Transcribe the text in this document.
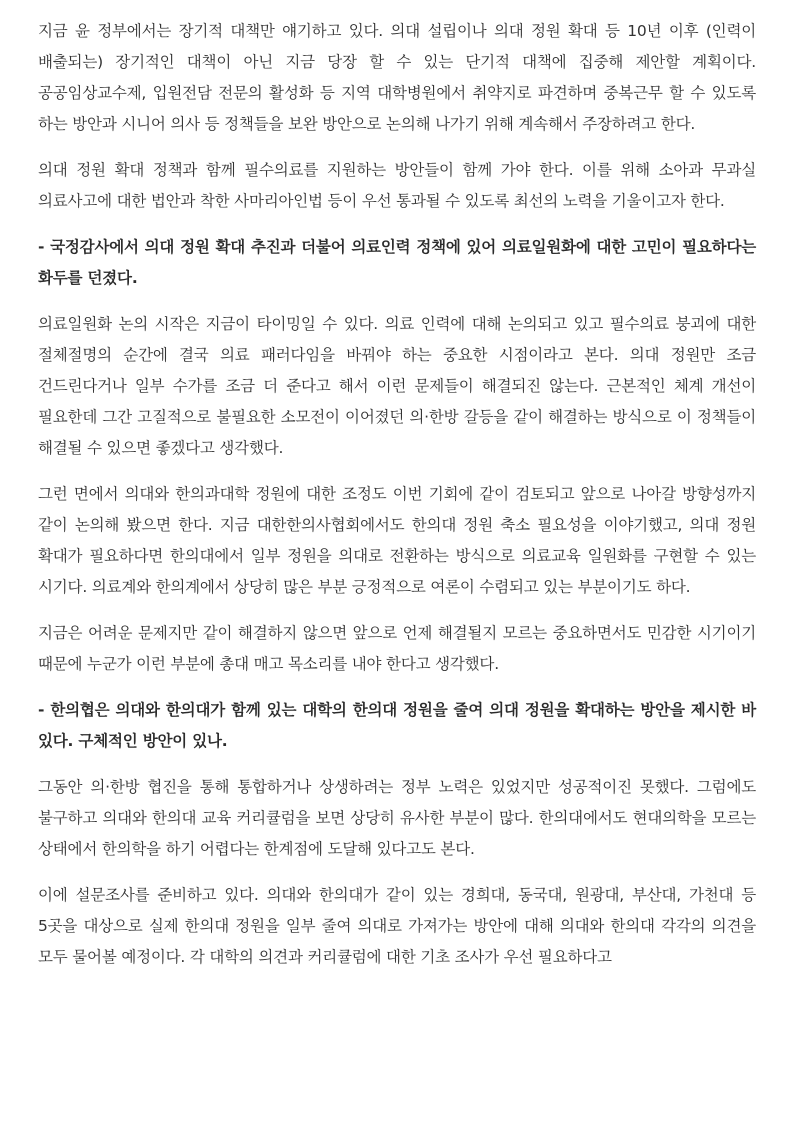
지금 윤 정부에서는 장기적 대책만 얘기하고 있다. 의대 설립이나 의대 정원 확대 등 10년 이후 (인력이 배출되는) 장기적인 대책이 아닌 지금 당장 할 수 있는 단기적 대책에 집중해 제안할 계획이다. 공공임상교수제, 입원전담 전문의 활성화 등 지역 대학병원에서 취약지로 파견하며 중복근무 할 수 있도록 하는 방안과 시니어 의사 등 정책들을 보완 방안으로 논의해 나가기 위해 계속해서 주장하려고 한다.

의대 정원 확대 정책과 함께 필수의료를 지원하는 방안들이 함께 가야 한다. 이를 위해 소아과 무과실 의료사고에 대한 법안과 착한 사마리아인법 등이 우선 통과될 수 있도록 최선의 노력을 기울이고자 한다.

- 국정감사에서 의대 정원 확대 추진과 더불어 의료인력 정책에 있어 의료일원화에 대한 고민이 필요하다는 화두를 던졌다.

의료일원화 논의 시작은 지금이 타이밍일 수 있다. 의료 인력에 대해 논의되고 있고 필수의료 붕괴에 대한 절체절명의 순간에 결국 의료 패러다임을 바꿔야 하는 중요한 시점이라고 본다. 의대 정원만 조금 건드린다거나 일부 수가를 조금 더 준다고 해서 이런 문제들이 해결되진 않는다. 근본적인 체계 개선이 필요한데 그간 고질적으로 불필요한 소모전이 이어졌던 의·한방 갈등을 같이 해결하는 방식으로 이 정책들이 해결될 수 있으면 좋겠다고 생각했다.

그런 면에서 의대와 한의과대학 정원에 대한 조정도 이번 기회에 같이 검토되고 앞으로 나아갈 방향성까지 같이 논의해 봤으면 한다. 지금 대한한의사협회에서도 한의대 정원 축소 필요성을 이야기했고, 의대 정원 확대가 필요하다면 한의대에서 일부 정원을 의대로 전환하는 방식으로 의료교육 일원화를 구현할 수 있는 시기다. 의료계와 한의계에서 상당히 많은 부분 긍정적으로 여론이 수렴되고 있는 부분이기도 하다.

지금은 어려운 문제지만 같이 해결하지 않으면 앞으로 언제 해결될지 모르는 중요하면서도 민감한 시기이기 때문에 누군가 이런 부분에 총대 매고 목소리를 내야 한다고 생각했다.

- 한의협은 의대와 한의대가 함께 있는 대학의 한의대 정원을 줄여 의대 정원을 확대하는 방안을 제시한 바 있다. 구체적인 방안이 있나.

그동안 의·한방 협진을 통해 통합하거나 상생하려는 정부 노력은 있었지만 성공적이진 못했다. 그럼에도 불구하고 의대와 한의대 교육 커리큘럼을 보면 상당히 유사한 부분이 많다. 한의대에서도 현대의학을 모르는 상태에서 한의학을 하기 어렵다는 한계점에 도달해 있다고도 본다.

이에 설문조사를 준비하고 있다. 의대와 한의대가 같이 있는 경희대, 동국대, 원광대, 부산대, 가천대 등 5곳을 대상으로 실제 한의대 정원을 일부 줄여 의대로 가져가는 방안에 대해 의대와 한의대 각각의 의견을 모두 물어볼 예정이다. 각 대학의 의견과 커리큘럼에 대한 기초 조사가 우선 필요하다고
